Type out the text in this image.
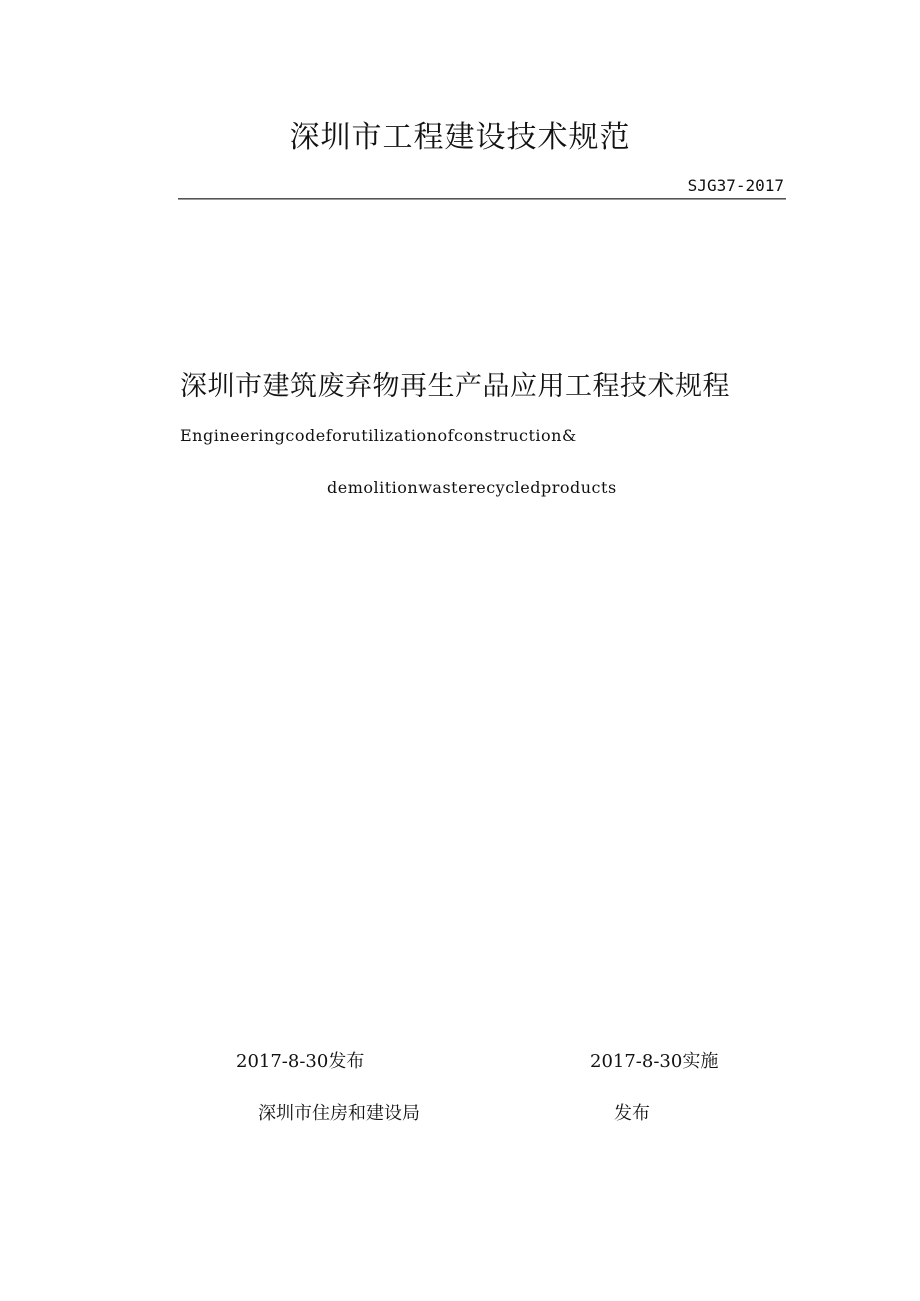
深圳市工程建设技术规范
SJG37-2017
深圳市建筑废弃物再生产品应用工程技术规程
Engineeringcodeforutilizationofconstruction&
demolitionwasterecycledproducts
2017-8-30发布	2017-8-30实施
深圳市住房和建设局	发布
